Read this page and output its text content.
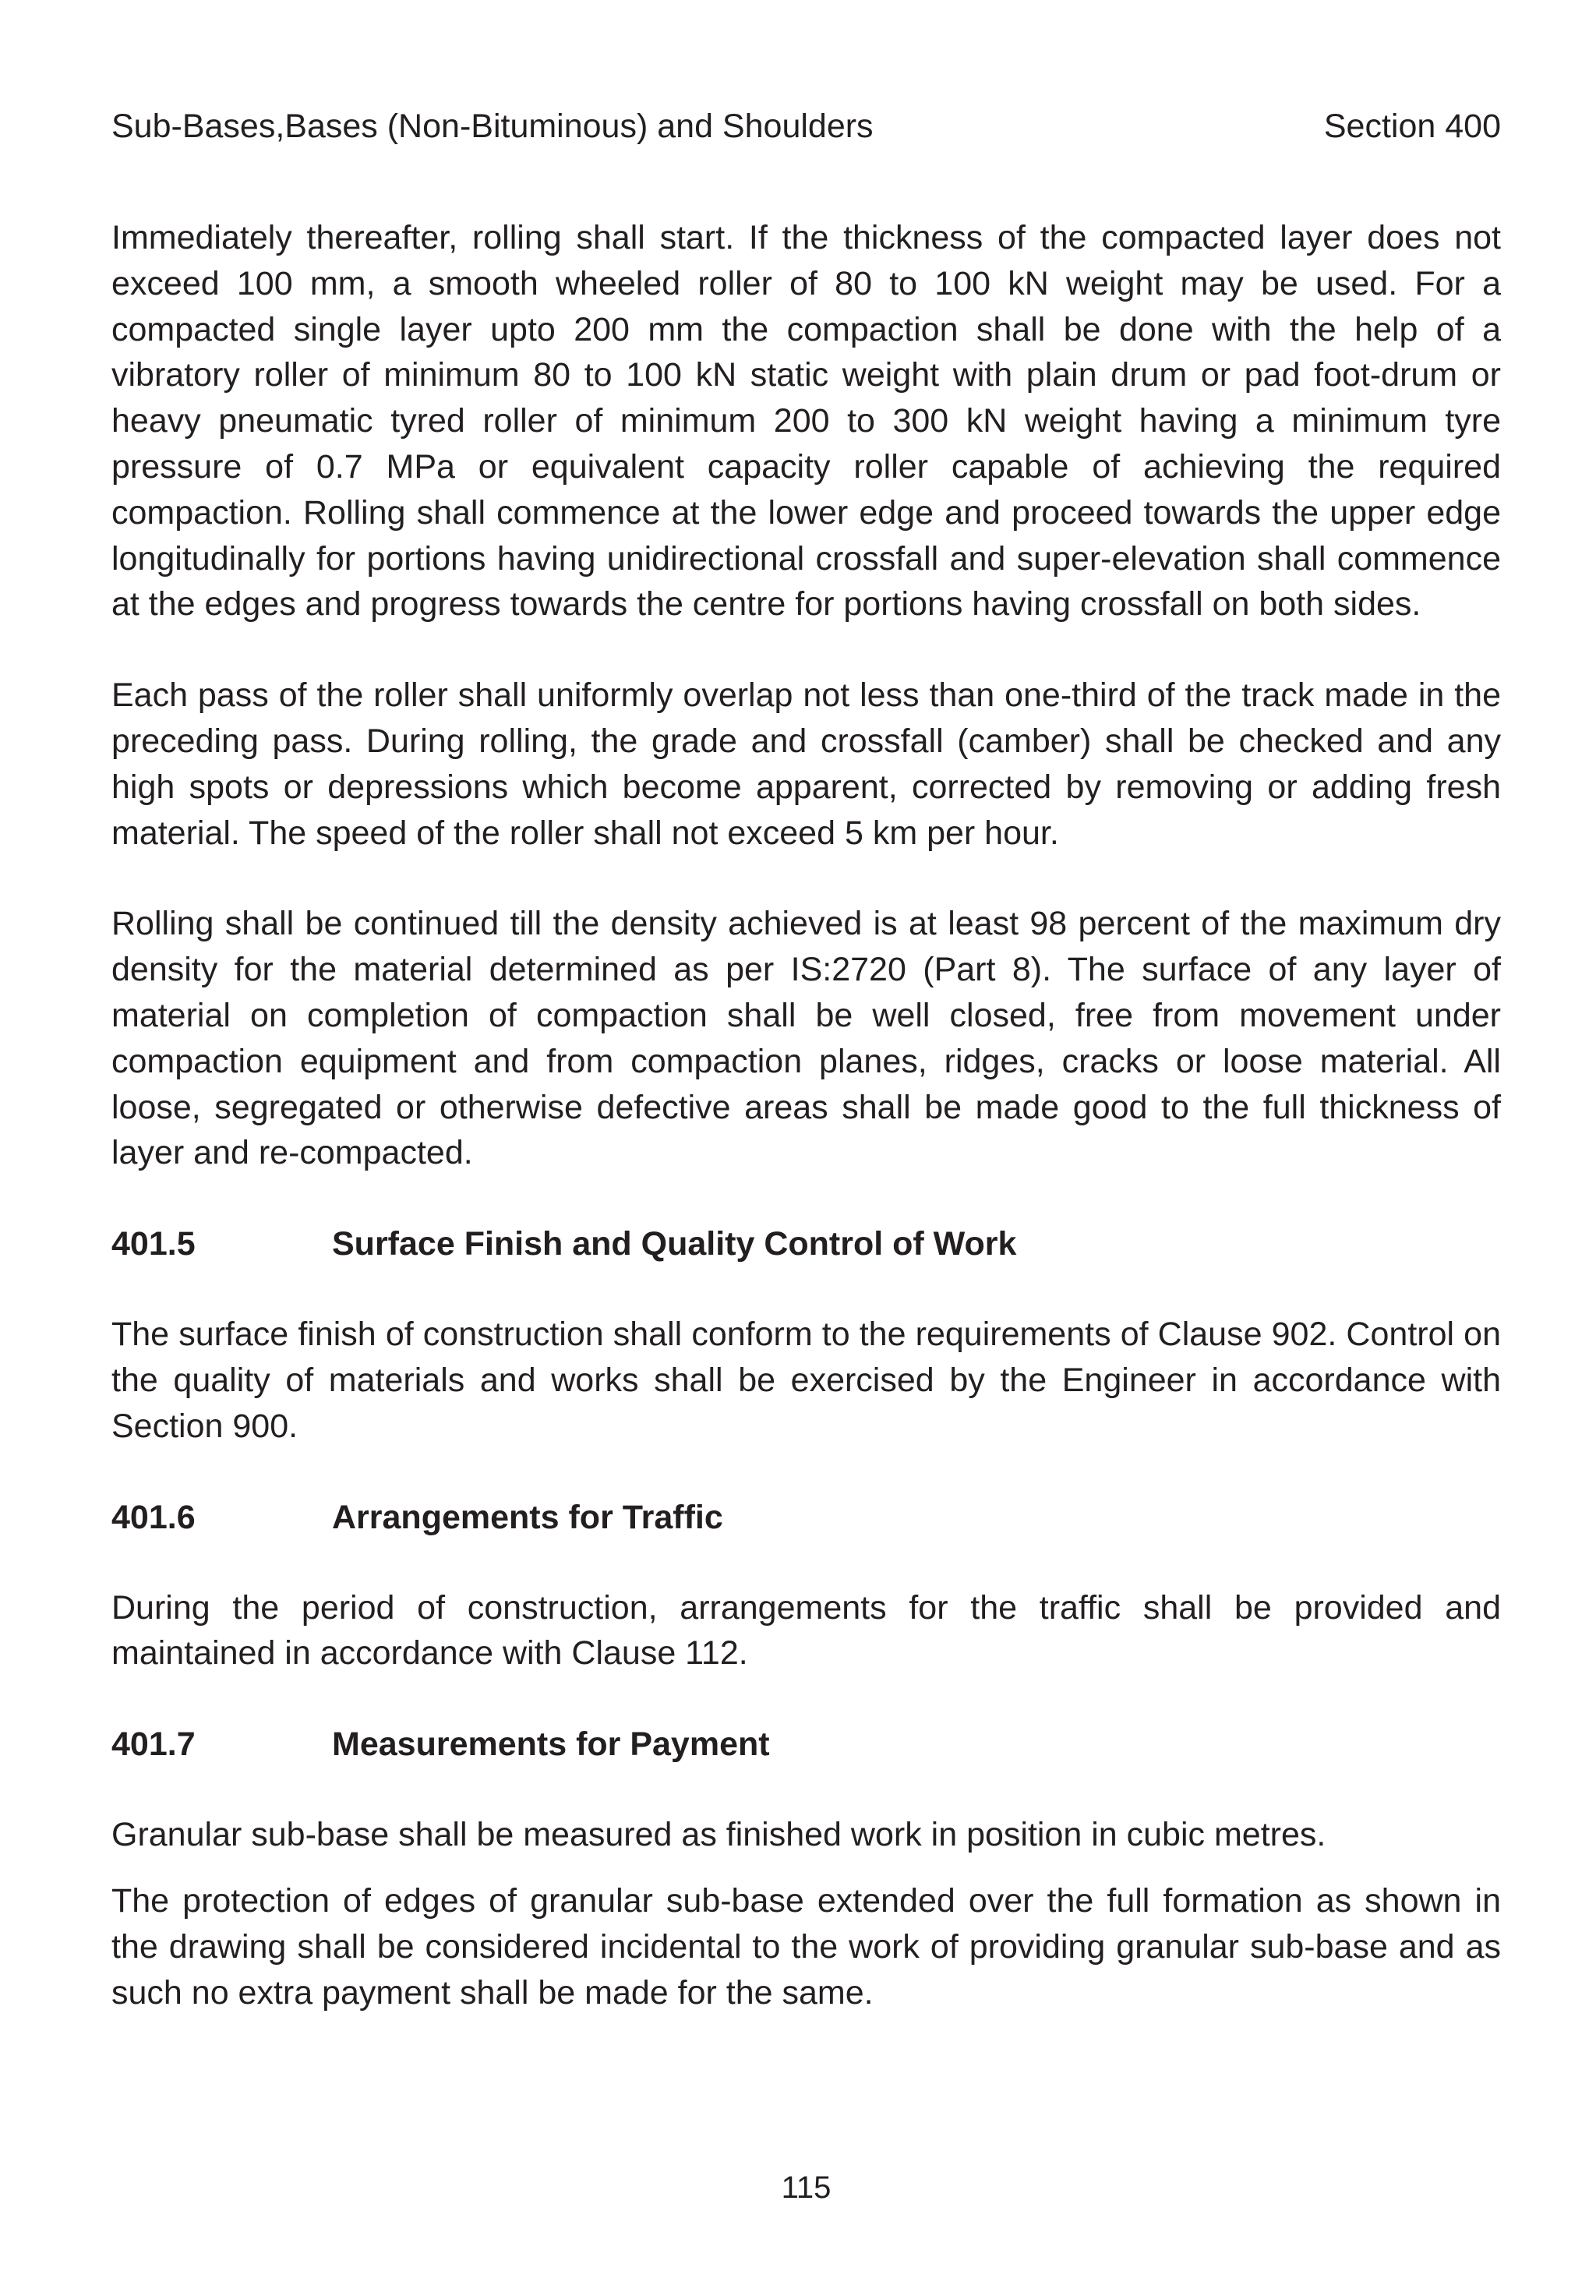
Sub-Bases,Bases (Non-Bituminous) and Shoulders	Section 400

Immediately thereafter, rolling shall start. If the thickness of the compacted layer does not exceed 100 mm, a smooth wheeled roller of 80 to 100 kN weight may be used. For a compacted single layer upto 200 mm the compaction shall be done with the help of a vibratory roller of minimum 80 to 100 kN static weight with plain drum or pad foot-drum or heavy pneumatic tyred roller of minimum 200 to 300 kN weight having a minimum tyre pressure of 0.7 MPa or equivalent capacity roller capable of achieving the required compaction. Rolling shall commence at the lower edge and proceed towards the upper edge longitudinally for portions having unidirectional crossfall and super-elevation shall commence at the edges and progress towards the centre for portions having crossfall on both sides.

Each pass of the roller shall uniformly overlap not less than one-third of the track made in the preceding pass. During rolling, the grade and crossfall (camber) shall be checked and any high spots or depressions which become apparent, corrected by removing or adding fresh material. The speed of the roller shall not exceed 5 km per hour.

Rolling shall be continued till the density achieved is at least 98 percent of the maximum dry density for the material determined as per IS:2720 (Part 8). The surface of any layer of material on completion of compaction shall be well closed, free from movement under compaction equipment and from compaction planes, ridges, cracks or loose material. All loose, segregated or otherwise defective areas shall be made good to the full thickness of layer and re-compacted.

401.5	Surface Finish and Quality Control of Work

The surface finish of construction shall conform to the requirements of Clause 902. Control on the quality of materials and works shall be exercised by the Engineer in accordance with Section 900.

401.6	Arrangements for Traffic

During the period of construction, arrangements for the traffic shall be provided and maintained in accordance with Clause 112.

401.7	Measurements for Payment

Granular sub-base shall be measured as finished work in position in cubic metres.

The protection of edges of granular sub-base extended over the full formation as shown in the drawing shall be considered incidental to the work of providing granular sub-base and as such no extra payment shall be made for the same.

115
